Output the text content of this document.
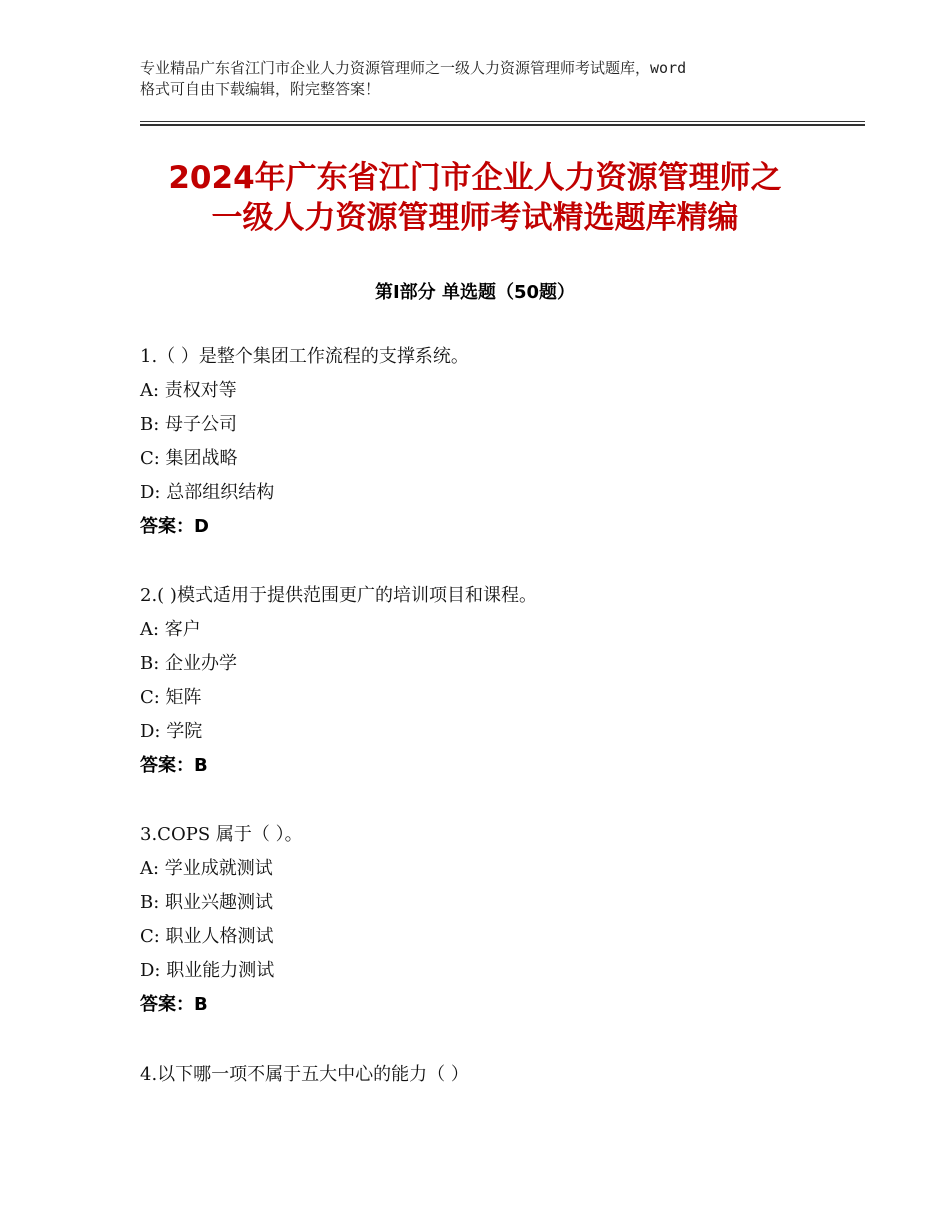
专业精品广东省江门市企业人力资源管理师之一级人力资源管理师考试题库，word
格式可自由下载编辑，附完整答案！
2024年广东省江门市企业人力资源管理师之
一级人力资源管理师考试精选题库精编
第Ⅰ部分 单选题（50题）
1.（ ）是整个集团工作流程的支撑系统。
A: 责权对等
B: 母子公司
C: 集团战略
D: 总部组织结构
答案：D
2.( )模式适用于提供范围更广的培训项目和课程。
A: 客户
B: 企业办学
C: 矩阵
D: 学院
答案：B
3.COPS 属于（ ）。
A: 学业成就测试
B: 职业兴趣测试
C: 职业人格测试
D: 职业能力测试
答案：B
4.以下哪一项不属于五大中心的能力（ ）
